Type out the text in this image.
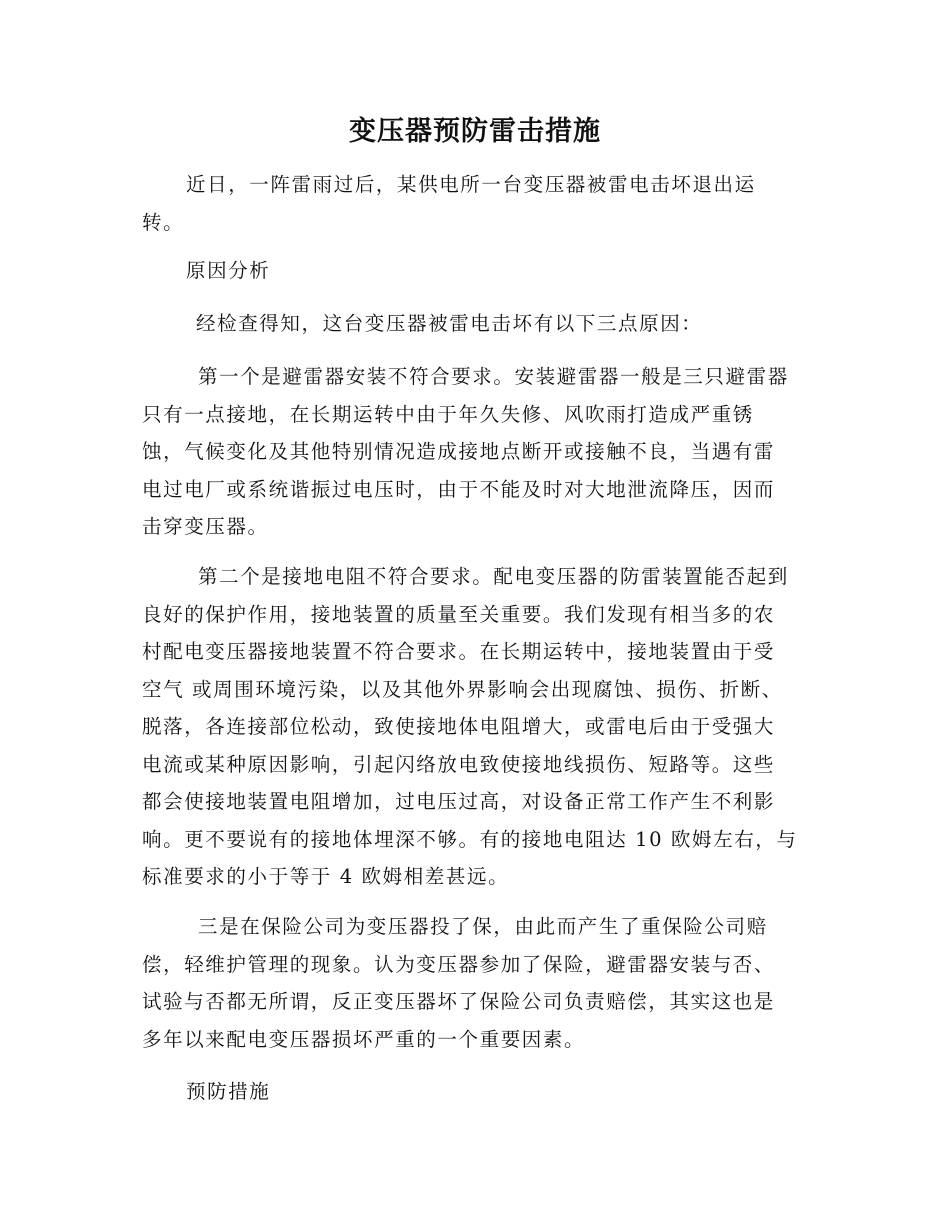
变压器预防雷击措施
近日，一阵雷雨过后，某供电所一台变压器被雷电击坏退出运
转。
原因分析
经检查得知，这台变压器被雷电击坏有以下三点原因：
第一个是避雷器安装不符合要求。安装避雷器一般是三只避雷器
只有一点接地，在长期运转中由于年久失修、风吹雨打造成严重锈
蚀，气候变化及其他特别情况造成接地点断开或接触不良，当遇有雷
电过电厂或系统谐振过电压时，由于不能及时对大地泄流降压，因而
击穿变压器。
第二个是接地电阻不符合要求。配电变压器的防雷装置能否起到
良好的保护作用，接地装置的质量至关重要。我们发现有相当多的农
村配电变压器接地装置不符合要求。在长期运转中，接地装置由于受
空气 或周围环境污染，以及其他外界影响会出现腐蚀、损伤、折断、
脱落，各连接部位松动，致使接地体电阻增大，或雷电后由于受强大
电流或某种原因影响，引起闪络放电致使接地线损伤、短路等。这些
都会使接地装置电阻增加，过电压过高，对设备正常工作产生不利影
响。更不要说有的接地体埋深不够。有的接地电阻达 10 欧姆左右，与
标准要求的小于等于 4 欧姆相差甚远。
三是在保险公司为变压器投了保，由此而产生了重保险公司赔
偿，轻维护管理的现象。认为变压器参加了保险，避雷器安装与否、
试验与否都无所谓，反正变压器坏了保险公司负责赔偿，其实这也是
多年以来配电变压器损坏严重的一个重要因素。
预防措施
